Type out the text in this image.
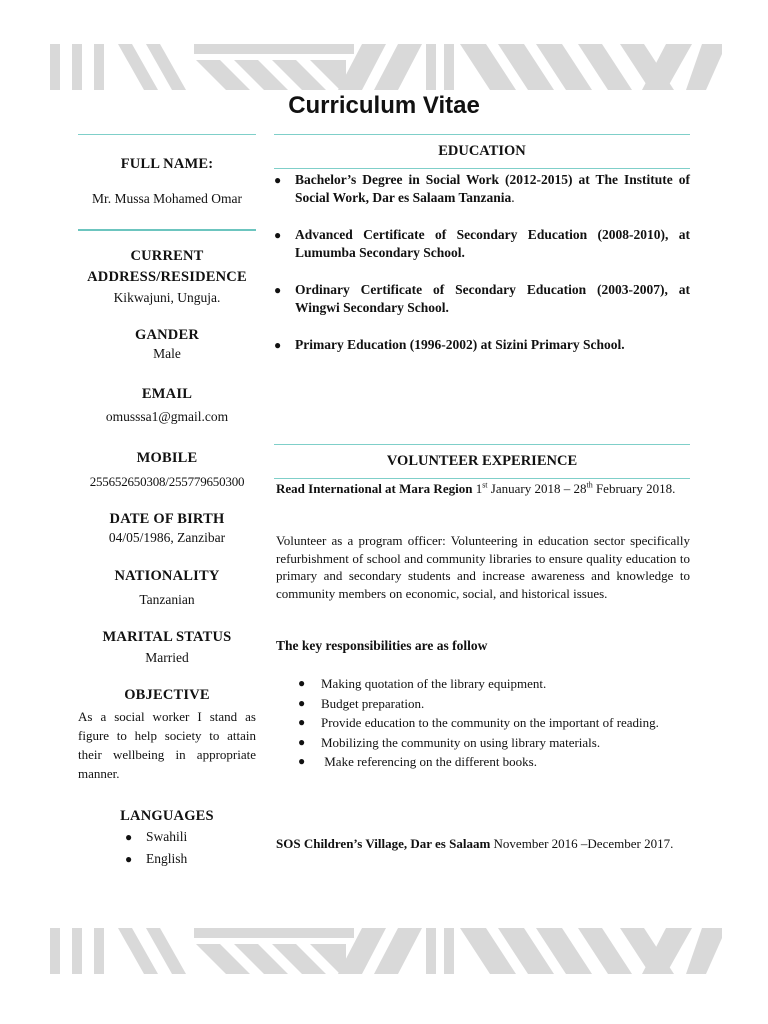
Curriculum Vitae
FULL NAME:
Mr. Mussa Mohamed Omar
CURRENT
ADDRESS/RESIDENCE
Kikwajuni, Unguja.
GANDER
Male
EMAIL
omusssa1@gmail.com
MOBILE
255652650308/255779650300
DATE OF BIRTH
04/05/1986, Zanzibar
NATIONALITY
Tanzanian
MARITAL STATUS
Married
OBJECTIVE
As a social worker I stand as figure to help society to attain their wellbeing in appropriate manner.
LANGUAGES
● Swahili
● English
EDUCATION
● Bachelor’s Degree in Social Work (2012-2015) at The Institute of Social Work, Dar es Salaam Tanzania.
● Advanced Certificate of Secondary Education (2008-2010), at Lumumba Secondary School.
● Ordinary Certificate of Secondary Education (2003-2007), at Wingwi Secondary School.
● Primary Education (1996-2002) at Sizini Primary School.
VOLUNTEER EXPERIENCE
Read International at Mara Region 1st January 2018 – 28th February 2018.
Volunteer as a program officer: Volunteering in education sector specifically refurbishment of school and community libraries to ensure quality education to primary and secondary students and increase awareness and knowledge to community members on economic, social, and historical issues.
The key responsibilities are as follow
● Making quotation of the library equipment.
● Budget preparation.
● Provide education to the community on the important of reading.
● Mobilizing the community on using library materials.
● Make referencing on the different books.
SOS Children’s Village, Dar es Salaam November 2016 –December 2017.
